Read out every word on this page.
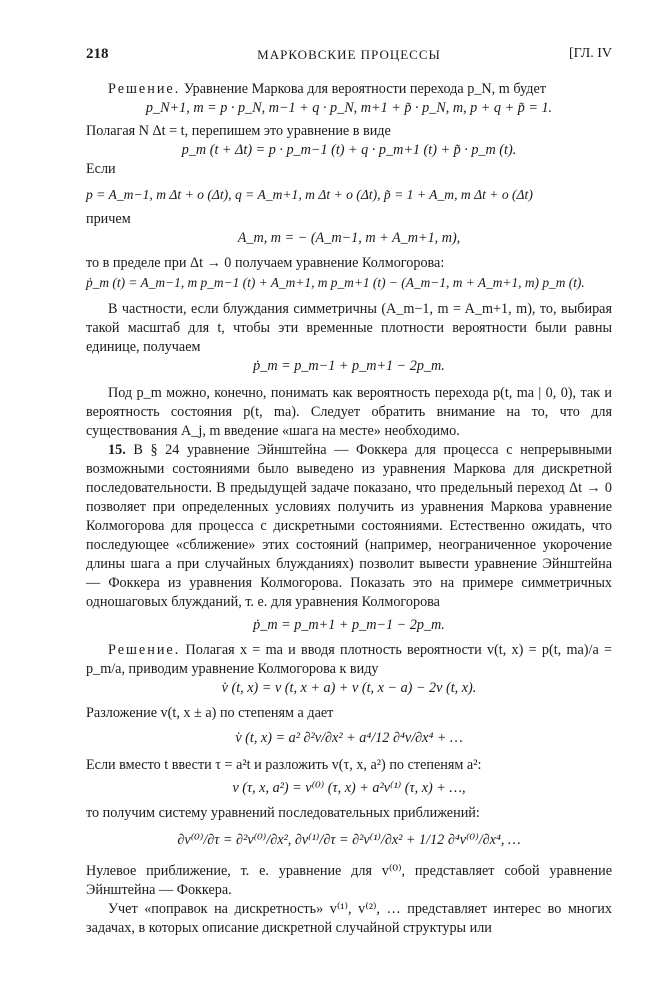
218	МАРКОВСКИЕ ПРОЦЕССЫ	[ГЛ. IV

Решение. Уравнение Маркова для вероятности перехода p_N, m будет

p_N+1, m = p · p_N, m−1 + q · p_N, m+1 + p̃ · p_N, m, p + q + p̃ = 1.

Полагая N Δt = t, перепишем это уравнение в виде

p_m (t + Δt) = p · p_m−1 (t) + q · p_m+1 (t) + p̃ · p_m (t).

Если

p = A_m−1, m Δt + o (Δt), q = A_m+1, m Δt + o (Δt), p̃ = 1 + A_m, m Δt + o (Δt)

причем

A_m, m = − (A_m−1, m + A_m+1, m),

то в пределе при Δt → 0 получаем уравнение Колмогорова:

ṗ_m (t) = A_m−1, m p_m−1 (t) + A_m+1, m p_m+1 (t) − (A_m−1, m + A_m+1, m) p_m (t).

В частности, если блуждания симметричны (A_m−1, m = A_m+1, m), то, выбирая такой масштаб для t, чтобы эти временные плотности вероятности были равны единице, получаем

ṗ_m = p_m−1 + p_m+1 − 2p_m.

Под p_m можно, конечно, понимать как вероятность перехода p(t, ma | 0, 0), так и вероятность состояния p(t, ma). Следует обратить внимание на то, что для существования A_j, m введение «шага на месте» необходимо.

15. В § 24 уравнение Эйнштейна — Фоккера для процесса с непрерывными возможными состояниями было выведено из уравнения Маркова для дискретной последовательности. В предыдущей задаче показано, что предельный переход Δt → 0 позволяет при определенных условиях получить из уравнения Маркова уравнение Колмогорова для процесса с дискретными состояниями. Естественно ожидать, что последующее «сближение» этих состояний (например, неограниченное укорочение длины шага a при случайных блужданиях) позволит вывести уравнение Эйнштейна — Фоккера из уравнения Колмогорова. Показать это на примере симметричных одношаговых блужданий, т. е. для уравнения Колмогорова

ṗ_m = p_m+1 + p_m−1 − 2p_m.

Решение. Полагая x = ma и вводя плотность вероятности v(t, x) = p(t, ma)/a = p_m/a, приводим уравнение Колмогорова к виду

v̇ (t, x) = v (t, x + a) + v (t, x − a) − 2v (t, x).

Разложение v(t, x ± a) по степеням a дает

v̇ (t, x) = a² ∂²v/∂x² + a⁴/12 ∂⁴v/∂x⁴ + …

Если вместо t ввести τ = a²t и разложить v(τ, x, a²) по степеням a²:

v (τ, x, a²) = v⁽⁰⁾ (τ, x) + a²v⁽¹⁾ (τ, x) + …,

то получим систему уравнений последовательных приближений:

∂v⁽⁰⁾/∂τ = ∂²v⁽⁰⁾/∂x², ∂v⁽¹⁾/∂τ = ∂²v⁽¹⁾/∂x² + 1/12 ∂⁴v⁽⁰⁾/∂x⁴, …

Нулевое приближение, т. е. уравнение для v⁽⁰⁾, представляет собой уравнение Эйнштейна — Фоккера.

Учет «поправок на дискретность» v⁽¹⁾, v⁽²⁾, … представляет интерес во многих задачах, в которых описание дискретной случайной структуры или
